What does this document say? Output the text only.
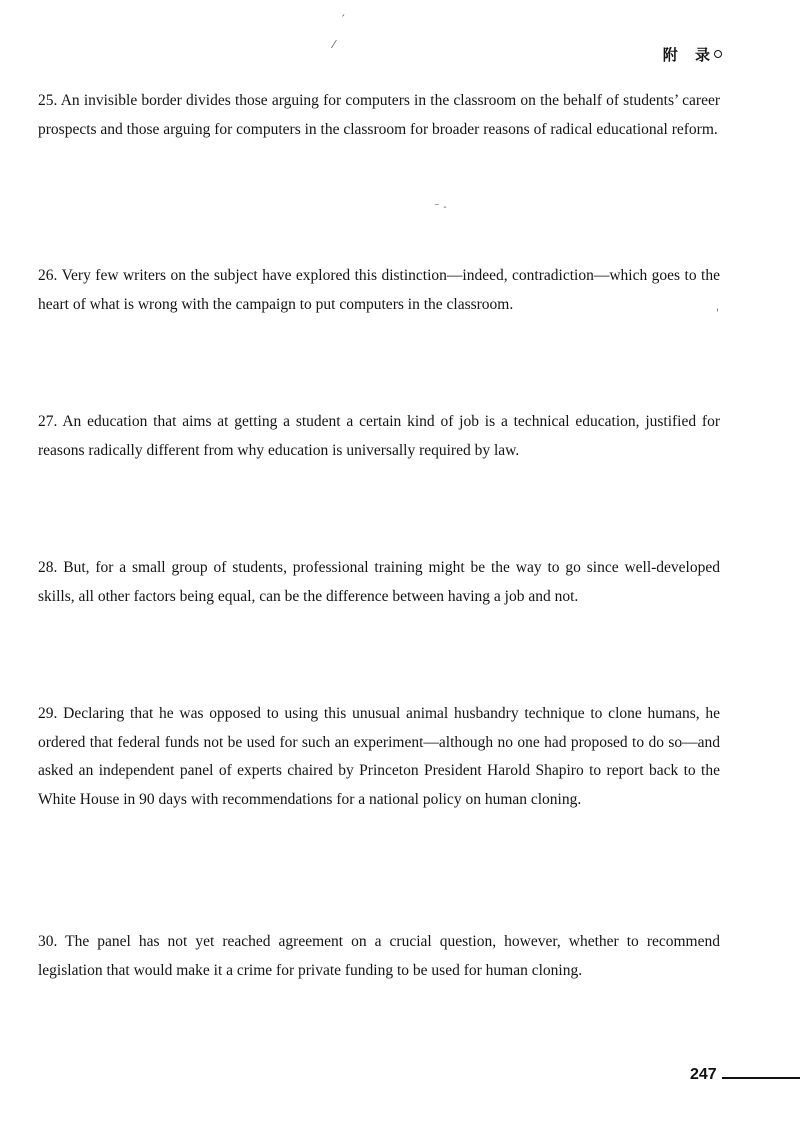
附 录
ˏ
⁄
⁻ ˗
ˌ

25. An invisible border divides those arguing for computers in the classroom on the behalf of students’ career prospects and those arguing for computers in the classroom for broader reasons of radical educational reform.

26. Very few writers on the subject have explored this distinction—indeed, contradiction—which goes to the heart of what is wrong with the campaign to put computers in the classroom.

27. An education that aims at getting a student a certain kind of job is a technical education, justified for reasons radically different from why education is universally required by law.

28. But, for a small group of students, professional training might be the way to go since well-developed skills, all other factors being equal, can be the difference between having a job and not.

29. Declaring that he was opposed to using this unusual animal husbandry technique to clone humans, he ordered that federal funds not be used for such an experiment—although no one had proposed to do so—and asked an independent panel of experts chaired by Princeton President Harold Shapiro to report back to the White House in 90 days with recommendations for a national policy on human cloning.

30. The panel has not yet reached agreement on a crucial question, however, whether to recommend legislation that would make it a crime for private funding to be used for human cloning.

247
